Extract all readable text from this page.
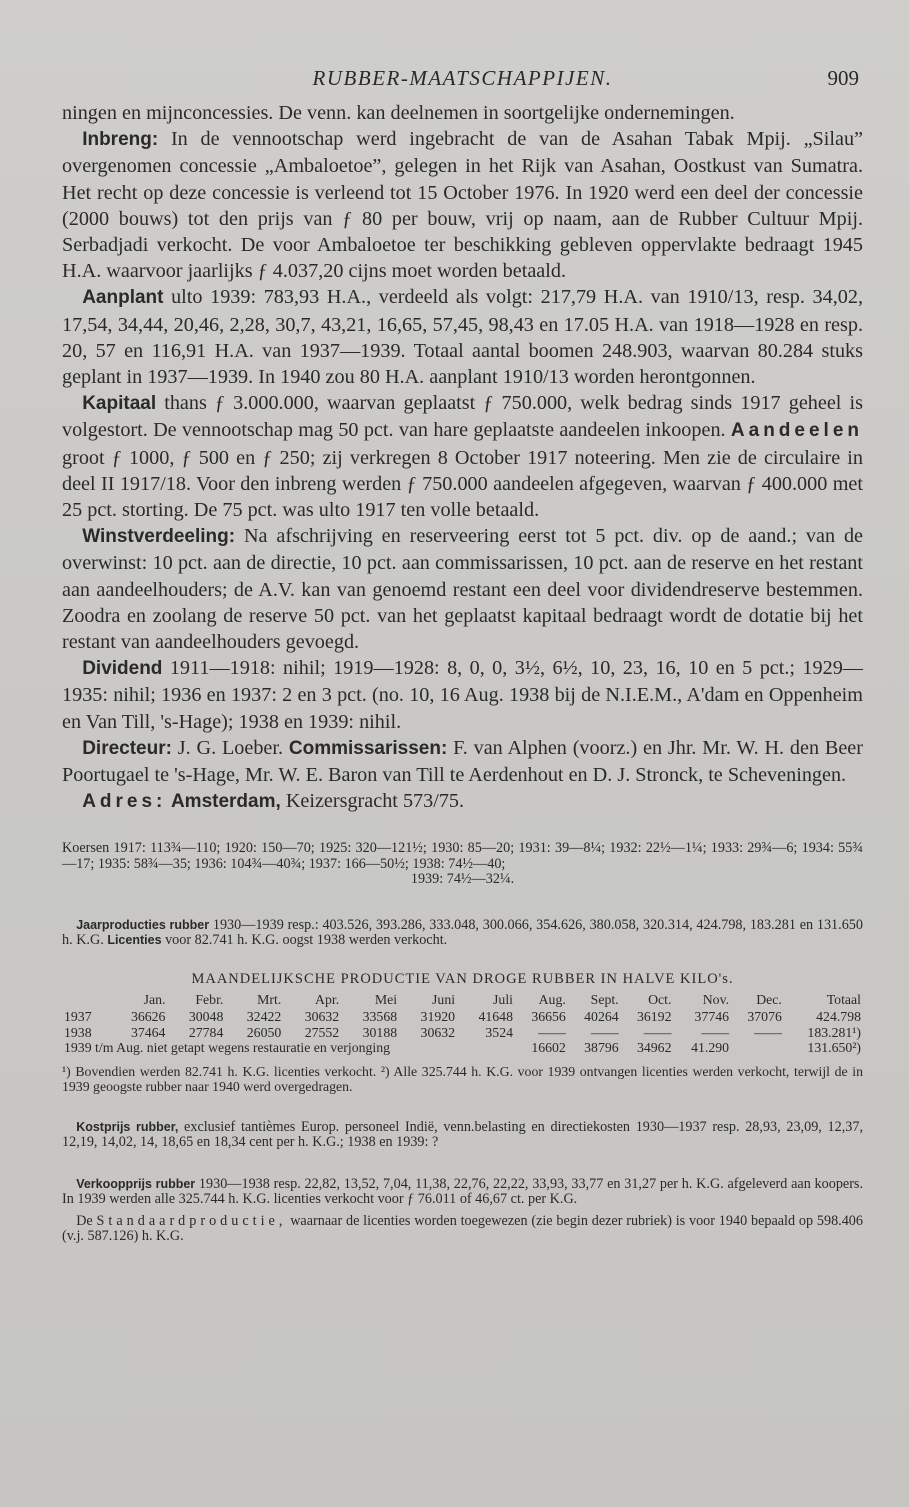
RUBBER-MAATSCHAPPIJEN.	909

ningen en mijnconcessies. De venn. kan deelnemen in soortgelijke ondernemingen.

 Inbreng: In de vennootschap werd ingebracht de van de Asahan Tabak Mpij. „Silau” overgenomen concessie „Ambaloetoe”, gelegen in het Rijk van Asahan, Oostkust van Sumatra. Het recht op deze concessie is verleend tot 15 October 1976. In 1920 werd een deel der concessie (2000 bouws) tot den prijs van ƒ 80 per bouw, vrij op naam, aan de Rubber Cultuur Mpij. Serbadjadi verkocht. De voor Ambaloetoe ter beschikking gebleven oppervlakte bedraagt 1945 H.A. waarvoor jaarlijks ƒ 4.037,20 cijns moet worden betaald.

 Aanplant ulto 1939: 783,93 H.A., verdeeld als volgt: 217,79 H.A. van 1910/13, resp. 34,02, 17,54, 34,44, 20,46, 2,28, 30,7, 43,21, 16,65, 57,45, 98,43 en 17.05 H.A. van 1918—1928 en resp. 20, 57 en 116,91 H.A. van 1937—1939. Totaal aantal boomen 248.903, waarvan 80.284 stuks geplant in 1937—1939. In 1940 zou 80 H.A. aanplant 1910/13 worden herontgonnen.

 Kapitaal thans ƒ 3.000.000, waarvan geplaatst ƒ 750.000, welk bedrag sinds 1917 geheel is volgestort. De vennootschap mag 50 pct. van hare geplaatste aandeelen inkoopen. Aandeelen groot ƒ 1000, ƒ 500 en ƒ 250; zij verkregen 8 October 1917 noteering. Men zie de circulaire in deel II 1917/18. Voor den inbreng werden ƒ 750.000 aandeelen afgegeven, waarvan ƒ 400.000 met 25 pct. storting. De 75 pct. was ulto 1917 ten volle betaald.

 Winstverdeeling: Na afschrijving en reserveering eerst tot 5 pct. div. op de aand.; van de overwinst: 10 pct. aan de directie, 10 pct. aan commissarissen, 10 pct. aan de reserve en het restant aan aandeelhouders; de A.V. kan van genoemd restant een deel voor dividendreserve bestemmen. Zoodra en zoolang de reserve 50 pct. van het geplaatst kapitaal bedraagt wordt de dotatie bij het restant van aandeelhouders gevoegd.

 Dividend 1911—1918: nihil; 1919—1928: 8, 0, 0, 3½, 6½, 10, 23, 16, 10 en 5 pct.; 1929—1935: nihil; 1936 en 1937: 2 en 3 pct. (no. 10, 16 Aug. 1938 bij de N.I.E.M., A'dam en Oppenheim en Van Till, 's-Hage); 1938 en 1939: nihil.

 Directeur: J. G. Loeber. Commissarissen: F. van Alphen (voorz.) en Jhr. Mr. W. H. den Beer Poortugael te 's-Hage, Mr. W. E. Baron van Till te Aerdenhout en D. J. Stronck, te Scheveningen.

 Adres: Amsterdam, Keizersgracht 573/75.

Koersen 1917: 113¾—110; 1920: 150—70; 1925: 320—121½; 1930: 85—20; 1931: 39—8¼; 1932: 22½—1¼; 1933: 29¾—6; 1934: 55¾—17; 1935: 58¾—35; 1936: 104¾—40¾; 1937: 166—50½; 1938: 74½—40;

1939: 74½—32¼.

 Jaarproducties rubber 1930—1939 resp.: 403.526, 393.286, 333.048, 300.066, 354.626, 380.058, 320.314, 424.798, 183.281 en 131.650 h. K.G. Licenties voor 82.741 h. K.G. oogst 1938 werden verkocht.

MAANDELIJKSCHE PRODUCTIE VAN DROGE RUBBER IN HALVE KILO's.
	Jan.	Febr.	Mrt.	Apr.	Mei	Juni	Juli	Aug.	Sept.	Oct.	Nov.	Dec.	Totaal
1937	36626	30048	32422	30632	33568	31920	41648	36656	40264	36192	37746	37076	424.798
1938	37464	27784	26050	27552	30188	30632	3524	——	——	——	——	——	183.281¹)
1939 t/m Aug. niet getapt wegens restauratie en verjonging								16602	38796	34962	41.290		131.650²)
¹) Bovendien werden 82.741 h. K.G. licenties verkocht. ²) Alle 325.744 h. K.G. voor 1939 ontvangen licenties werden verkocht, terwijl de in 1939 geoogste rubber naar 1940 werd overgedragen.

 Kostprijs rubber, exclusief tantièmes Europ. personeel Indië, venn.belasting en directiekosten 1930—1937 resp. 28,93, 23,09, 12,37, 12,19, 14,02, 14, 18,65 en 18,34 cent per h. K.G.; 1938 en 1939: ?

 Verkoopprijs rubber 1930—1938 resp. 22,82, 13,52, 7,04, 11,38, 22,76, 22,22, 33,93, 33,77 en 31,27 per h. K.G. afgeleverd aan koopers. In 1939 werden alle 325.744 h. K.G. licenties verkocht voor ƒ 76.011 of 46,67 ct. per K.G.

 De Standaardproductie, waarnaar de licenties worden toegewezen (zie begin dezer rubriek) is voor 1940 bepaald op 598.406 (v.j. 587.126) h. K.G.
